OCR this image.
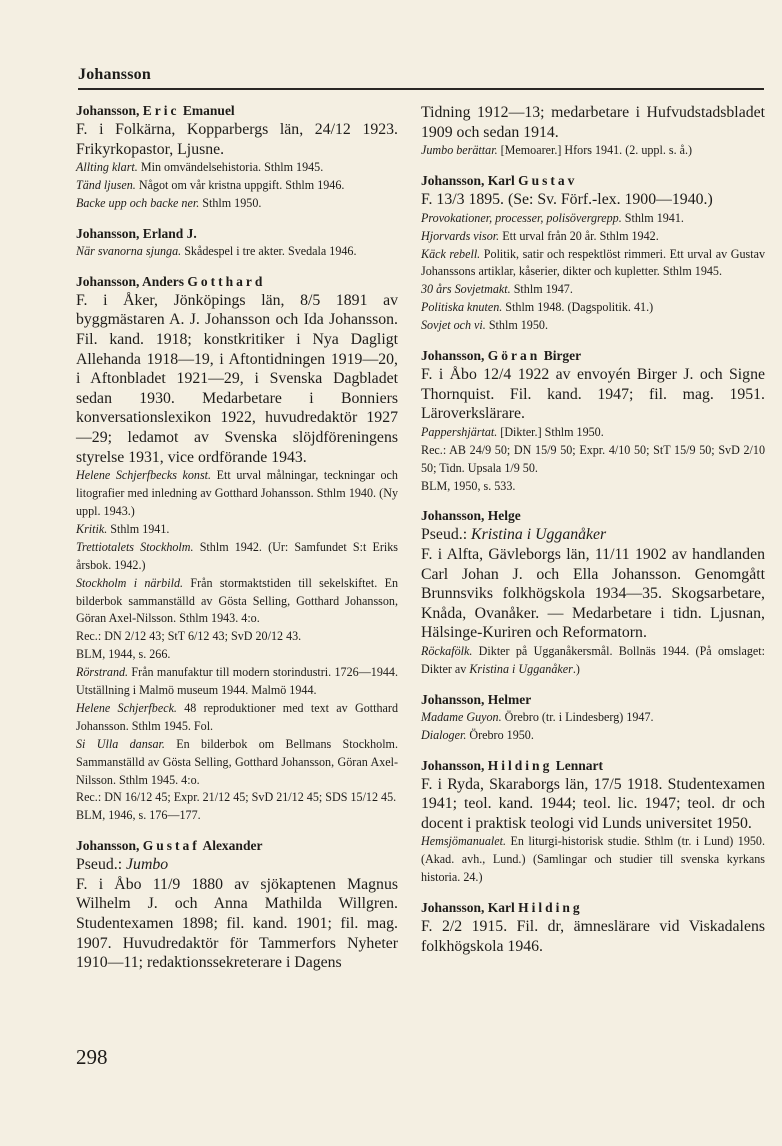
Johansson
Johansson, Eric Emanuel
F. i Folkärna, Kopparbergs län, 24/12 1923. Frikyrkopastor, Ljusne.
Allting klart. Min omvändelsehistoria. Sthlm 1945.
Tänd ljusen. Något om vår kristna uppgift. Sthlm 1946.
Backe upp och backe ner. Sthlm 1950.
Johansson, Erland J.
När svanorna sjunga. Skådespel i tre akter. Svedala 1946.
Johansson, Anders Gotthard
F. i Åker, Jönköpings län, 8/5 1891 av byggmästaren A. J. Johansson och Ida Johansson. Fil. kand. 1918; konstkritiker i Nya Dagligt Allehanda 1918—19, i Aftontidningen 1919—20, i Aftonbladet 1921—29, i Svenska Dagbladet sedan 1930. Medarbetare i Bonniers konversationslexikon 1922, huvudredaktör 1927—29; ledamot av Svenska slöjdföreningens styrelse 1931, vice ordförande 1943.
Helene Schjerfbecks konst. Ett urval målningar, teckningar och litografier med inledning av Gotthard Johansson. Sthlm 1940. (Ny uppl. 1943.)
Kritik. Sthlm 1941.
Trettiotalets Stockholm. Sthlm 1942. (Ur: Samfundet S:t Eriks årsbok. 1942.)
Stockholm i närbild. Från stormaktstiden till sekelskiftet. En bilderbok sammanställd av Gösta Selling, Gotthard Johansson, Göran Axel-Nilsson. Sthlm 1943. 4:o.
Rec.: DN 2/12 43; StT 6/12 43; SvD 20/12 43.
BLM, 1944, s. 266.
Rörstrand. Från manufaktur till modern storindustri. 1726—1944. Utställning i Malmö museum 1944. Malmö 1944.
Helene Schjerfbeck. 48 reproduktioner med text av Gotthard Johansson. Sthlm 1945. Fol.
Si Ulla dansar. En bilderbok om Bellmans Stockholm. Sammanställd av Gösta Selling, Gotthard Johansson, Göran Axel-Nilsson. Sthlm 1945. 4:o.
Rec.: DN 16/12 45; Expr. 21/12 45; SvD 21/12 45; SDS 15/12 45.
BLM, 1946, s. 176—177.
Johansson, Gustaf Alexander
Pseud.: Jumbo
F. i Åbo 11/9 1880 av sjökaptenen Magnus Wilhelm J. och Anna Mathilda Willgren. Studentexamen 1898; fil. kand. 1901; fil. mag. 1907. Huvudredaktör för Tammerfors Nyheter 1910—11; redaktionssekreterare i Dagens
Tidning 1912—13; medarbetare i Hufvudstadsbladet 1909 och sedan 1914.
Jumbo berättar. [Memoarer.] Hfors 1941. (2. uppl. s. å.)
Johansson, Karl Gustav
F. 13/3 1895. (Se: Sv. Förf.-lex. 1900—1940.)
Provokationer, processer, polisövergrepp. Sthlm 1941.
Hjorvards visor. Ett urval från 20 år. Sthlm 1942.
Käck rebell. Politik, satir och respektlöst rimmeri. Ett urval av Gustav Johanssons artiklar, kåserier, dikter och kupletter. Sthlm 1945.
30 års Sovjetmakt. Sthlm 1947.
Politiska knuten. Sthlm 1948. (Dagspolitik. 41.)
Sovjet och vi. Sthlm 1950.
Johansson, Göran Birger
F. i Åbo 12/4 1922 av envoyén Birger J. och Signe Thornquist. Fil. kand. 1947; fil. mag. 1951. Läroverkslärare.
Pappershjärtat. [Dikter.] Sthlm 1950.
Rec.: AB 24/9 50; DN 15/9 50; Expr. 4/10 50; StT 15/9 50; SvD 2/10 50; Tidn. Upsala 1/9 50.
BLM, 1950, s. 533.
Johansson, Helge
Pseud.: Kristina i Ugganåker
F. i Alfta, Gävleborgs län, 11/11 1902 av handlanden Carl Johan J. och Ella Johansson. Genomgått Brunnsviks folkhögskola 1934—35. Skogsarbetare, Knåda, Ovanåker. — Medarbetare i tidn. Ljusnan, Hälsinge-Kuriren och Reformatorn.
Röckafölk. Dikter på Ugganåkersmål. Bollnäs 1944. (På omslaget: Dikter av Kristina i Ugganåker.)
Johansson, Helmer
Madame Guyon. Örebro (tr. i Lindesberg) 1947.
Dialoger. Örebro 1950.
Johansson, Hilding Lennart
F. i Ryda, Skaraborgs län, 17/5 1918. Studentexamen 1941; teol. kand. 1944; teol. lic. 1947; teol. dr och docent i praktisk teologi vid Lunds universitet 1950.
Hemsjömanualet. En liturgi-historisk studie. Sthlm (tr. i Lund) 1950. (Akad. avh., Lund.) (Samlingar och studier till svenska kyrkans historia. 24.)
Johansson, Karl Hilding
F. 2/2 1915. Fil. dr, ämneslärare vid Viskadalens folkhögskola 1946.
298
